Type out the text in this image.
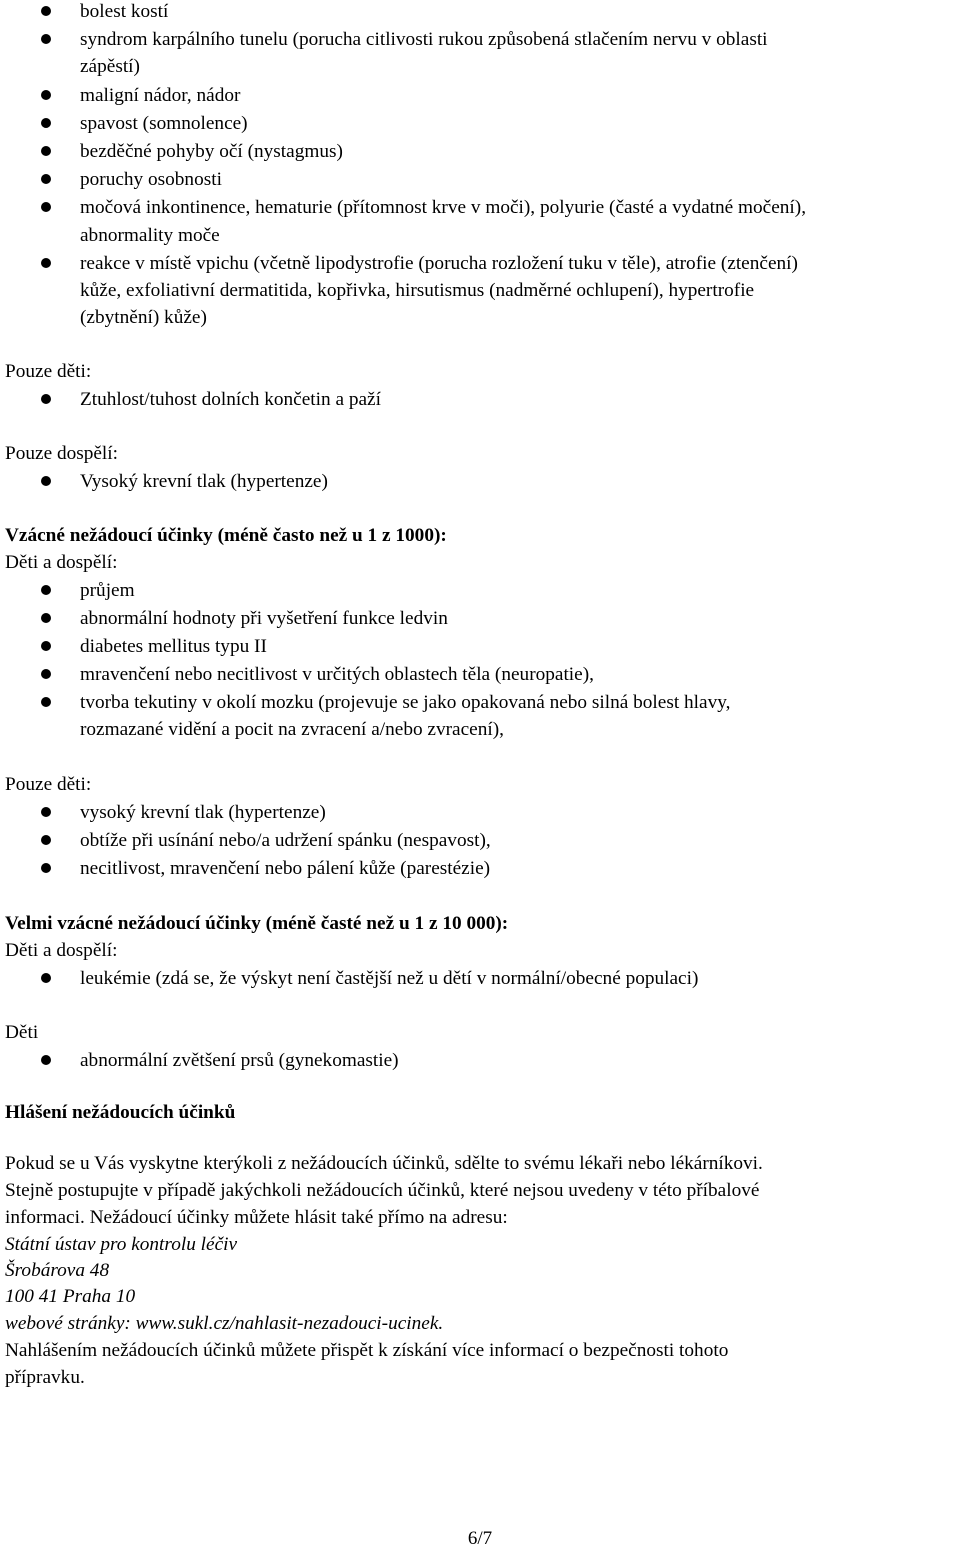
bolest kostí
syndrom karpálního tunelu (porucha citlivosti rukou způsobená stlačením nervu v oblasti
zápěstí)
maligní nádor, nádor
spavost (somnolence)
bezděčné pohyby očí (nystagmus)
poruchy osobnosti
močová inkontinence, hematurie (přítomnost krve v moči), polyurie (časté a vydatné močení),
abnormality moče
reakce v místě vpichu (včetně lipodystrofie (porucha rozložení tuku v těle), atrofie (ztenčení)
kůže, exfoliativní dermatitida, kopřivka, hirsutismus (nadměrné ochlupení), hypertrofie
(zbytnění) kůže)
Pouze děti:
Ztuhlost/tuhost dolních končetin a paží
Pouze dospělí:
Vysoký krevní tlak (hypertenze)
Vzácné nežádoucí účinky (méně často než u 1 z 1000):
Děti a dospělí:
průjem
abnormální hodnoty při vyšetření funkce ledvin
diabetes mellitus typu II
mravenčení nebo necitlivost v určitých oblastech těla (neuropatie),
tvorba tekutiny v okolí mozku (projevuje se jako opakovaná nebo silná bolest hlavy,
rozmazané vidění a pocit na zvracení a/nebo zvracení),
Pouze děti:
vysoký krevní tlak (hypertenze)
obtíže při usínání nebo/a udržení spánku (nespavost),
necitlivost, mravenčení nebo pálení kůže (parestézie)
Velmi vzácné nežádoucí účinky (méně časté než u 1 z 10 000):
Děti a dospělí:
leukémie (zdá se, že výskyt není častější než u dětí v normální/obecné populaci)
Děti
abnormální zvětšení prsů (gynekomastie)
Hlášení nežádoucích účinků
Pokud se u Vás vyskytne kterýkoli z nežádoucích účinků, sdělte to svému lékaři nebo lékárníkovi.
Stejně postupujte v případě jakýchkoli nežádoucích účinků, které nejsou uvedeny v této příbalové
informaci. Nežádoucí účinky můžete hlásit také přímo na adresu:
Státní ústav pro kontrolu léčiv
Šrobárova 48
100 41 Praha 10
webové stránky: www.sukl.cz/nahlasit-nezadouci-ucinek.
Nahlášením nežádoucích účinků můžete přispět k získání více informací o bezpečnosti tohoto
přípravku.
6/7
